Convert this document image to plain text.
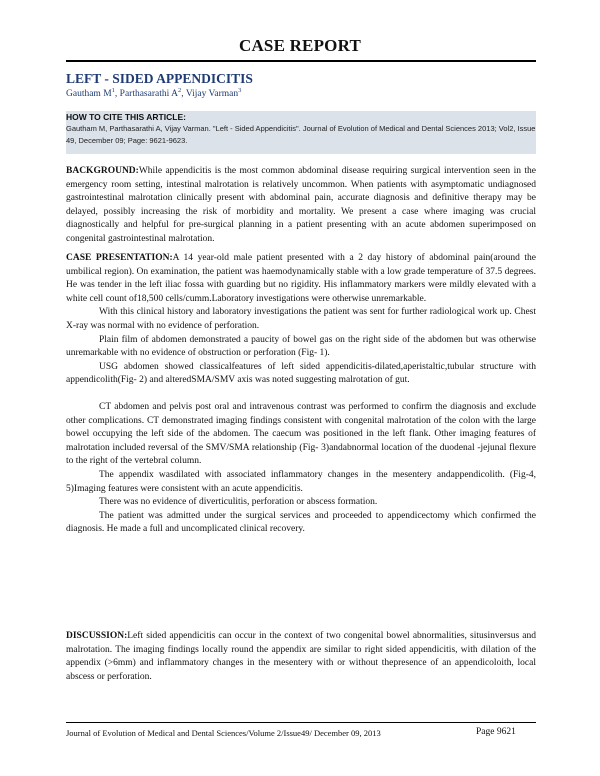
CASE REPORT
LEFT - SIDED APPENDICITIS
Gautham $M^1$, Parthasarathi $A^2$, Vijay Varman$^3$
HOW TO CITE THIS ARTICLE:
Gautham M, Parthasarathi A, Vijay Varman. "Left - Sided Appendicitis". Journal of Evolution of Medical and Dental Sciences 2013; Vol2, Issue 49, December 09; Page: 9621-9623.
BACKGROUND:While appendicitis is the most common abdominal disease requiring surgical intervention seen in the emergency room setting, intestinal malrotation is relatively uncommon. When patients with asymptomatic undiagnosed gastrointestinal malrotation clinically present with abdominal pain, accurate diagnosis and definitive therapy may be delayed, possibly increasing the risk of morbidity and mortality. We present a case where imaging was crucial diagnostically and helpful for pre-surgical planning in a patient presenting with an acute abdomen superimposed on congenital gastrointestinal malrotation.
CASE PRESENTATION:A 14 year-old male patient presented with a 2 day history of abdominal pain(around the umbilical region). On examination, the patient was haemodynamically stable with a low grade temperature of 37.5 degrees. He was tender in the left iliac fossa with guarding but no rigidity. His inflammatory markers were mildly elevated with a white cell count of18,500 cells/cumm.Laboratory investigations were otherwise unremarkable.
With this clinical history and laboratory investigations the patient was sent for further radiological work up. Chest X-ray was normal with no evidence of perforation.
Plain film of abdomen demonstrated a paucity of bowel gas on the right side of the abdomen but was otherwise unremarkable with no evidence of obstruction or perforation (Fig- 1).
USG abdomen showed classicalfeatures of left sided appendicitis-dilated,aperistaltic,tubular structure with appendicolith(Fig- 2) and alteredSMA/SMV axis was noted suggesting malrotation of gut.
CT abdomen and pelvis post oral and intravenous contrast was performed to confirm the diagnosis and exclude other complications. CT demonstrated imaging findings consistent with congenital malrotation of the colon with the large bowel occupying the left side of the abdomen. The caecum was positioned in the left flank. Other imaging features of malrotation included reversal of the SMV/SMA relationship (Fig- 3)andabnormal location of the duodenal -jejunal flexure to the right of the vertebral column.
The appendix wasdilated with associated inflammatory changes in the mesentery andappendicolith. (Fig-4, 5)Imaging features were consistent with an acute appendicitis.
There was no evidence of diverticulitis, perforation or abscess formation.
The patient was admitted under the surgical services and proceeded to appendicectomy which confirmed the diagnosis. He made a full and uncomplicated clinical recovery.
DISCUSSION:Left sided appendicitis can occur in the context of two congenital bowel abnormalities, situsinversus and malrotation. The imaging findings locally round the appendix are similar to right sided appendicitis, with dilation of the appendix (>6mm) and inflammatory changes in the mesentery with or without thepresence of an appendicoloith, local abscess or perforation.
Journal of Evolution of Medical and Dental Sciences/Volume 2/Issue49/ December 09, 2013	Page 9621
